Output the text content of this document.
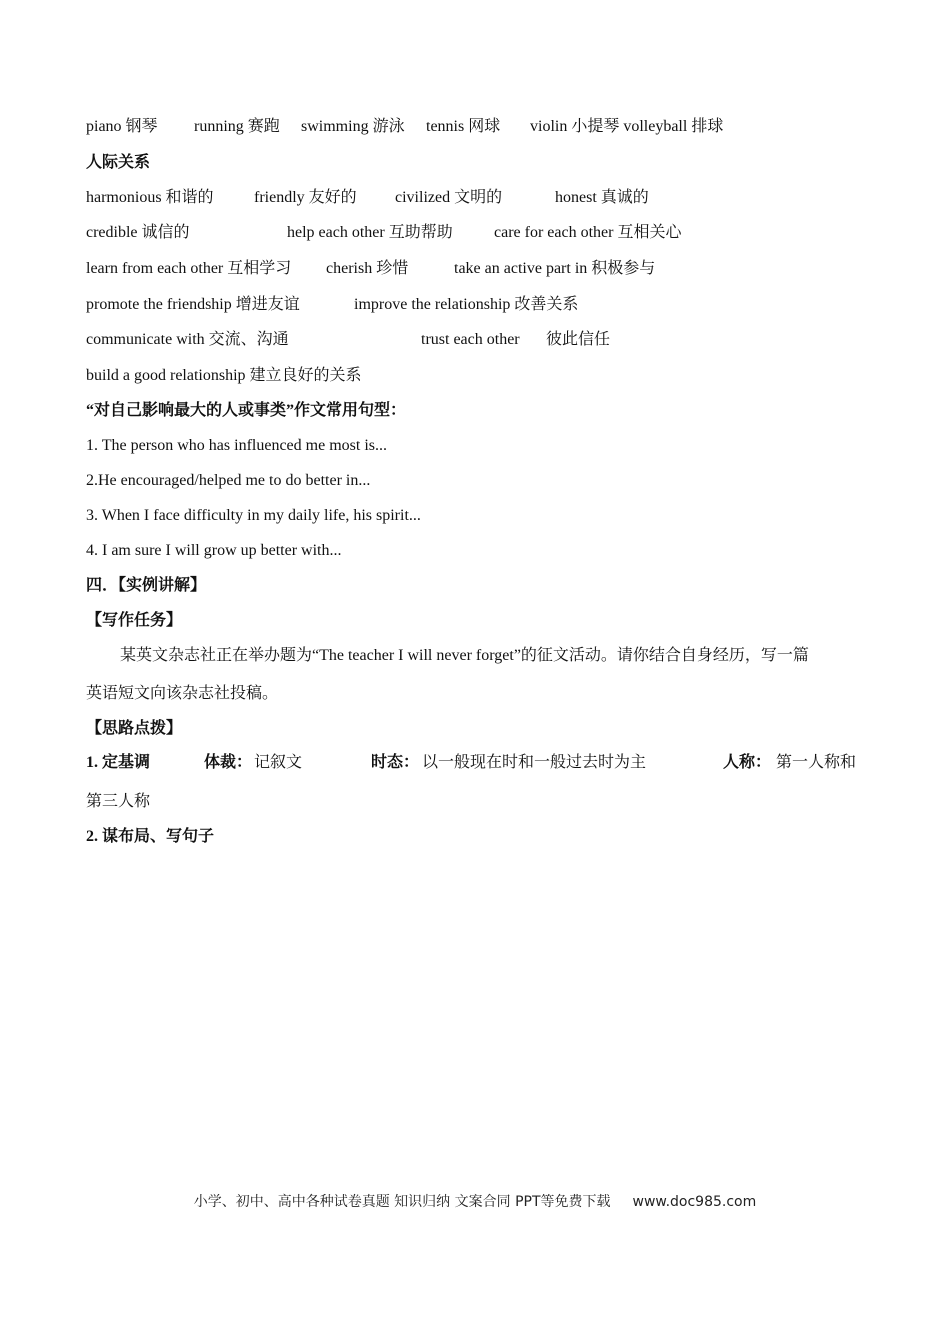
piano 钢琴 running 赛跑 swimming 游泳 tennis 网球 violin 小提琴 volleyball 排球
人际关系
harmonious 和谐的	friendly 友好的 civilized 文明的	honest 真诚的
credible 诚信的	help each other 互助帮助	care for each other 互相关心
learn from each other 互相学习 cherish 珍惜	take an active part in 积极参与
promote the friendship 增进友谊	improve the relationship 改善关系
communicate with 交流、沟通	trust each other 彼此信任
build a good relationship 建立良好的关系
“对自己影响最大的人或事类”作文常用句型：
1. The person who has influenced me most is...
2.He encouraged/helped me to do better in...
3. When I face difficulty in my daily life, his spirit...
4. I am sure I will grow up better with...
四．【实例讲解】
【写作任务】
某英文杂志社正在举办题为“The teacher I will never forget”的征文活动。请你结合自身经历，写一篇
英语短文向该杂志社投稿。
【思路点拨】
1. 定基调	体裁： 记叙文	时态： 以一般现在时和一般过去时为主	人称： 第一人称和
第三人称
2. 谋布局、写句子
小学、初中、高中各种试卷真题 知识归纳 文案合同 PPT等免费下载 www.doc985.com
